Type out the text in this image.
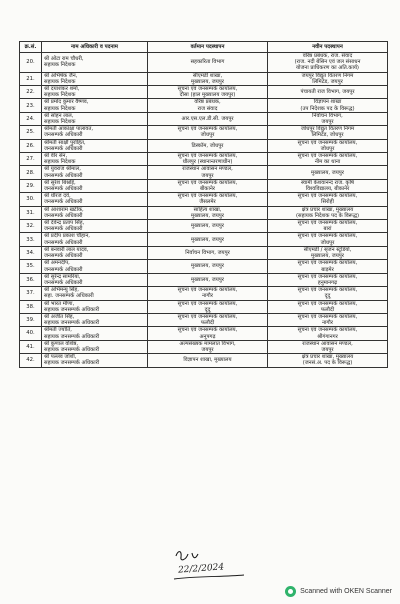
क्र.सं.	नाम अधिकारी व पदनाम	वर्तमान पदस्थापन	नवीन पदस्थापन
20.	श्री ओटा राम चौधरी,
सहायक निदेशक	सहकारिता विभाग	वरिष्ठ प्रबंधक, राज. संवाद
(राज. नदी बेसिन एवं जल संसाधन
योजना प्राधिकरण का अति.कार्य)

21.	श्री अभिषेक जैन,
सहायक निदेशक	सीएमडी शाखा,
मुख्यालय, जयपुर	जयपुर विद्युत वितरण निगम
लिमिटेड, जयपुर

22.	श्री दयाशंकर शर्मा,
सहायक निदेशक	सूचना एवं जनसम्पर्क कार्यालय,
दौसा (हाल मुख्यालय जयपुर)	पंचायती राज विभाग, जयपुर

23.	श्री प्रमोद कुमार वैष्णव,
सहायक निदेशक	वरिष्ठ प्रबंधक,
राज संवाद	विज्ञापन शाखा
(उप निदेशक पद के विरूद्ध)

24.	श्री सोहन लाल,
सहायक निदेशक	आर.एस.एल.डी.सी. जयपुर	निर्वाचन विभाग,
जयपुर

25.	श्रीमती आकांक्षा पालावत,
जनसम्पर्क अधिकारी	सूचना एवं जनसम्पर्क कार्यालय,
जोधपुर	जोधपुर विद्युत वितरण निगम
लिमिटेड, जोधपुर

26.	श्रीमती साक्षी पुरोहित,
जनसम्पर्क अधिकारी	डिस्कॉम, जोधपुर	सूचना एवं जनसम्पर्क कार्यालय,
जोधपुर

27.	श्री वीर सेन,
सहायक निदेशक	सूचना एवं जनसम्पर्क कार्यालय,
धौलपुर (स्थानान्तरणाधीन)	सूचना एवं जनसम्पर्क कार्यालय,
नीम का थाना

28.	श्री युवराज श्रीमाल,
जनसम्पर्क अधिकारी	राजस्थान आवासन मण्डल,
जयपुर	मुख्यालय, जयपुर

29.	श्री सुरेश बिश्नोई,
जनसम्पर्क अधिकारी	सूचना एवं जनसम्पर्क कार्यालय,
बीकानेर	स्वामी केशवानन्द राज. कृषि
विश्वविद्यालय, बीकानेर

30.	श्री धीरज दवे,
जनसम्पर्क अधिकारी	सूचना एवं जनसम्पर्क कार्यालय,
जैसलमेर	सूचना एवं जनसम्पर्क कार्यालय,
सिरोही

31.	श्री आशाराम खटीक,
जनसम्पर्क अधिकारी	साहित्य शाखा,
मुख्यालय, जयपुर	क्षेत्र प्रचार शाखा, मुख्यालय
(सहायक निदेशक पद के विरूद्ध)

32.	श्री देवेन्द्र प्रताप सिंह,
जनसम्पर्क अधिकारी	मुख्यालय, जयपुर	सूचना एवं जनसम्पर्क कार्यालय,
बारां

33.	श्री प्रदीप प्रकाश चौहान,
जनसम्पर्क अधिकारी	मुख्यालय, जयपुर	सूचना एवं जनसम्पर्क कार्यालय,
जोधपुर

34.	श्री बनवारी लाल यादव,
जनसम्पर्क अधिकारी	निर्वाचन विभाग, जयपुर	सीएमडी / सृजन स्टूडियो,
मुख्यालय, जयपुर

35.	श्री अमनदीप,
जनसम्पर्क अधिकारी	मुख्यालय, जयपुर	सूचना एवं जनसम्पर्क कार्यालय,
बाड़मेर

36.	श्री सुरेन्द्र सामरिया,
जनसम्पर्क अधिकारी	मुख्यालय, जयपुर	सूचना एवं जनसम्पर्क कार्यालय,
हनुमानगढ़

37.	श्री अभिमन्यु सिंह,
सहा. जनसम्पर्क अधिकारी	सूचना एवं जनसम्पर्क कार्यालय,
नागौर	सूचना एवं जनसम्पर्क कार्यालय,
दूदू

38.	श्री भारत मीणा,
सहायक जनसम्पर्क अधिकारी	सूचना एवं जनसम्पर्क कार्यालय,
दूदू	सूचना एवं जनसम्पर्क कार्यालय,
फलौदी

39.	श्री अजीत सिंह,
सहायक जनसम्पर्क अधिकारी	सूचना एवं जनसम्पर्क कार्यालय,
फलौदी	सूचना एवं जनसम्पर्क कार्यालय,
नागौर

40.	श्रीमती ज्योति,
सहायक जनसम्पर्क अधिकारी	सूचना एवं जनसम्पर्क कार्यालय,
अनूपगढ़	सूचना एवं जनसम्पर्क कार्यालय,
श्रीगंगानगर

41.	श्री कुणाल वशिष्ठ,
सहायक जनसम्पर्क अधिकारी	अल्पसंख्यक मामलात विभाग,
जयपुर	राजस्थान आवासन मण्डल,
जयपुर

42.	श्री पल्लव जोशी,
सहायक जनसम्पर्क अधिकारी	विज्ञापन शाखा, मुख्यालय	क्षेत्र प्रचार शाखा, मुख्यालय
(जनसं.अ. पद के विरूद्ध)
22/2/2024
Scanned with OKEN Scanner
